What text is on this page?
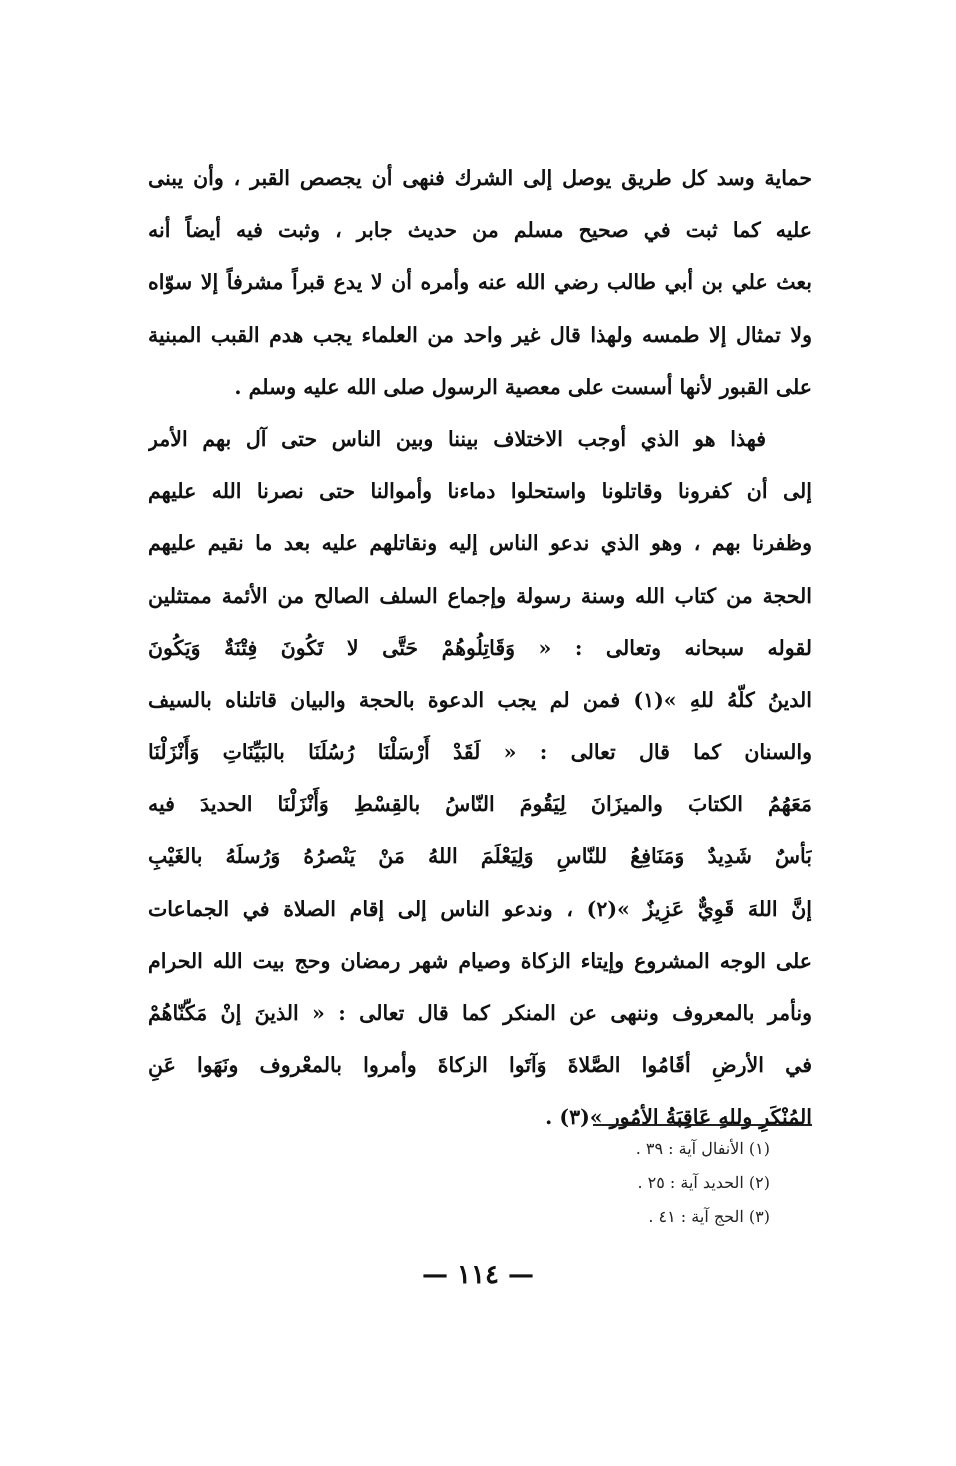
حماية وسد كل طريق يوصل إلى الشرك فنهى أن يجصص القبر ، وأن يبنى
عليه كما ثبت في صحيح مسلم من حديث جابر ، وثبت فيه أيضاً أنه
بعث علي بن أبي طالب رضي الله عنه وأمره أن لا يدع قبراً مشرفاً إلا سوّاه
ولا تمثال إلا طمسه ولهذا قال غير واحد من العلماء يجب هدم القبب المبنية
على القبور لأنها أسست على معصية الرسول صلى الله عليه وسلم .
فهذا هو الذي أوجب الاختلاف بيننا وبين الناس حتى آل بهم الأمر
إلى أن كفرونا وقاتلونا واستحلوا دماءنا وأموالنا حتى نصرنا الله عليهم
وظفرنا بهم ، وهو الذي ندعو الناس إليه ونقاتلهم عليه بعد ما نقيم عليهم
الحجة من كتاب الله وسنة رسولة وإجماع السلف الصالح من الأئمة ممتثلين
لقوله سبحانه وتعالى : « وَقَاتِلُوهُمْ حَتَّى لا تَكُونَ فِتْنَةٌ وَيَكُونَ
الدينُ كلّهُ للهِ »(١) فمن لم يجب الدعوة بالحجة والبيان قاتلناه بالسيف
والسنان كما قال تعالى : « لَقَدْ أَرْسَلْنَا رُسُلَنَا بالبَيِّنَاتِ وَأَنْزَلْنَا
مَعَهُمُ الكتابَ والميزَانَ لِيَقُومَ النّاسُ بالقِسْطِ وَأَنْزَلْنَا الحديدَ فيه
بَأسٌ شَدِيدٌ وَمَنَافِعُ للنّاسِ وَلِيَعْلَمَ اللهُ مَنْ يَنْصرُهُ وَرُسلَهُ بالغَيْبِ
إنَّ اللهَ قَوِيٌّ عَزِيزٌ »(٢) ، وندعو الناس إلى إقام الصلاة في الجماعات
على الوجه المشروع وإيتاء الزكاة وصيام شهر رمضان وحج بيت الله الحرام
ونأمر بالمعروف وننهى عن المنكر كما قال تعالى : « الذينَ إنْ مَكّنّاهُمْ
في الأرضِ أقَامُوا الصَّلاةَ وَآتَوا الزكاةَ وأمروا بالمعْروف ونَهَوا عَنِ
المُنْكَرِ وللهِ عَاقِبَةُ الأمُور »(٣) .
(١) الأنفال آية : ٣٩ .
(٢) الحديد آية : ٢٥ .
(٣) الحج آية : ٤١ .
— ١١٤ —
